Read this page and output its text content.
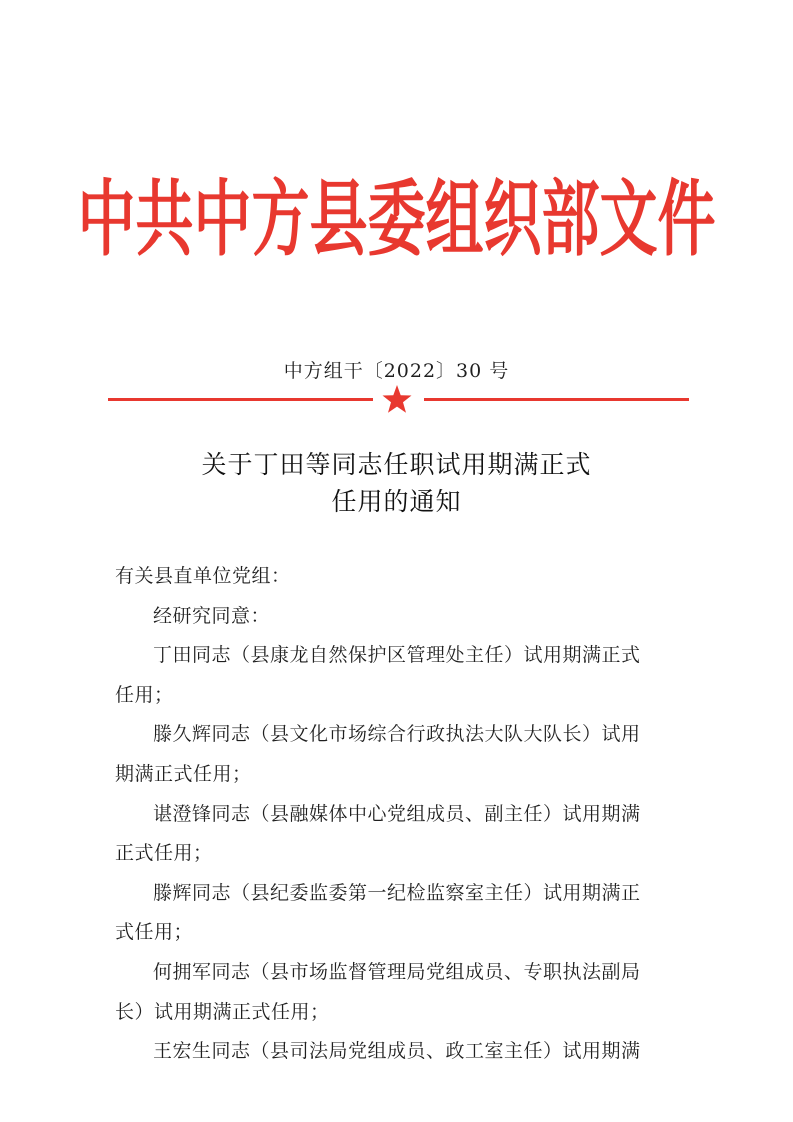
中共中方县委组织部文件
中方组干〔2022〕30 号
关于丁田等同志任职试用期满正式
任用的通知
有关县直单位党组：
经研究同意：
丁田同志（县康龙自然保护区管理处主任）试用期满正式
任用；
滕久辉同志（县文化市场综合行政执法大队大队长）试用
期满正式任用；
谌澄锋同志（县融媒体中心党组成员、副主任）试用期满
正式任用；
滕辉同志（县纪委监委第一纪检监察室主任）试用期满正
式任用；
何拥军同志（县市场监督管理局党组成员、专职执法副局
长）试用期满正式任用；
王宏生同志（县司法局党组成员、政工室主任）试用期满
